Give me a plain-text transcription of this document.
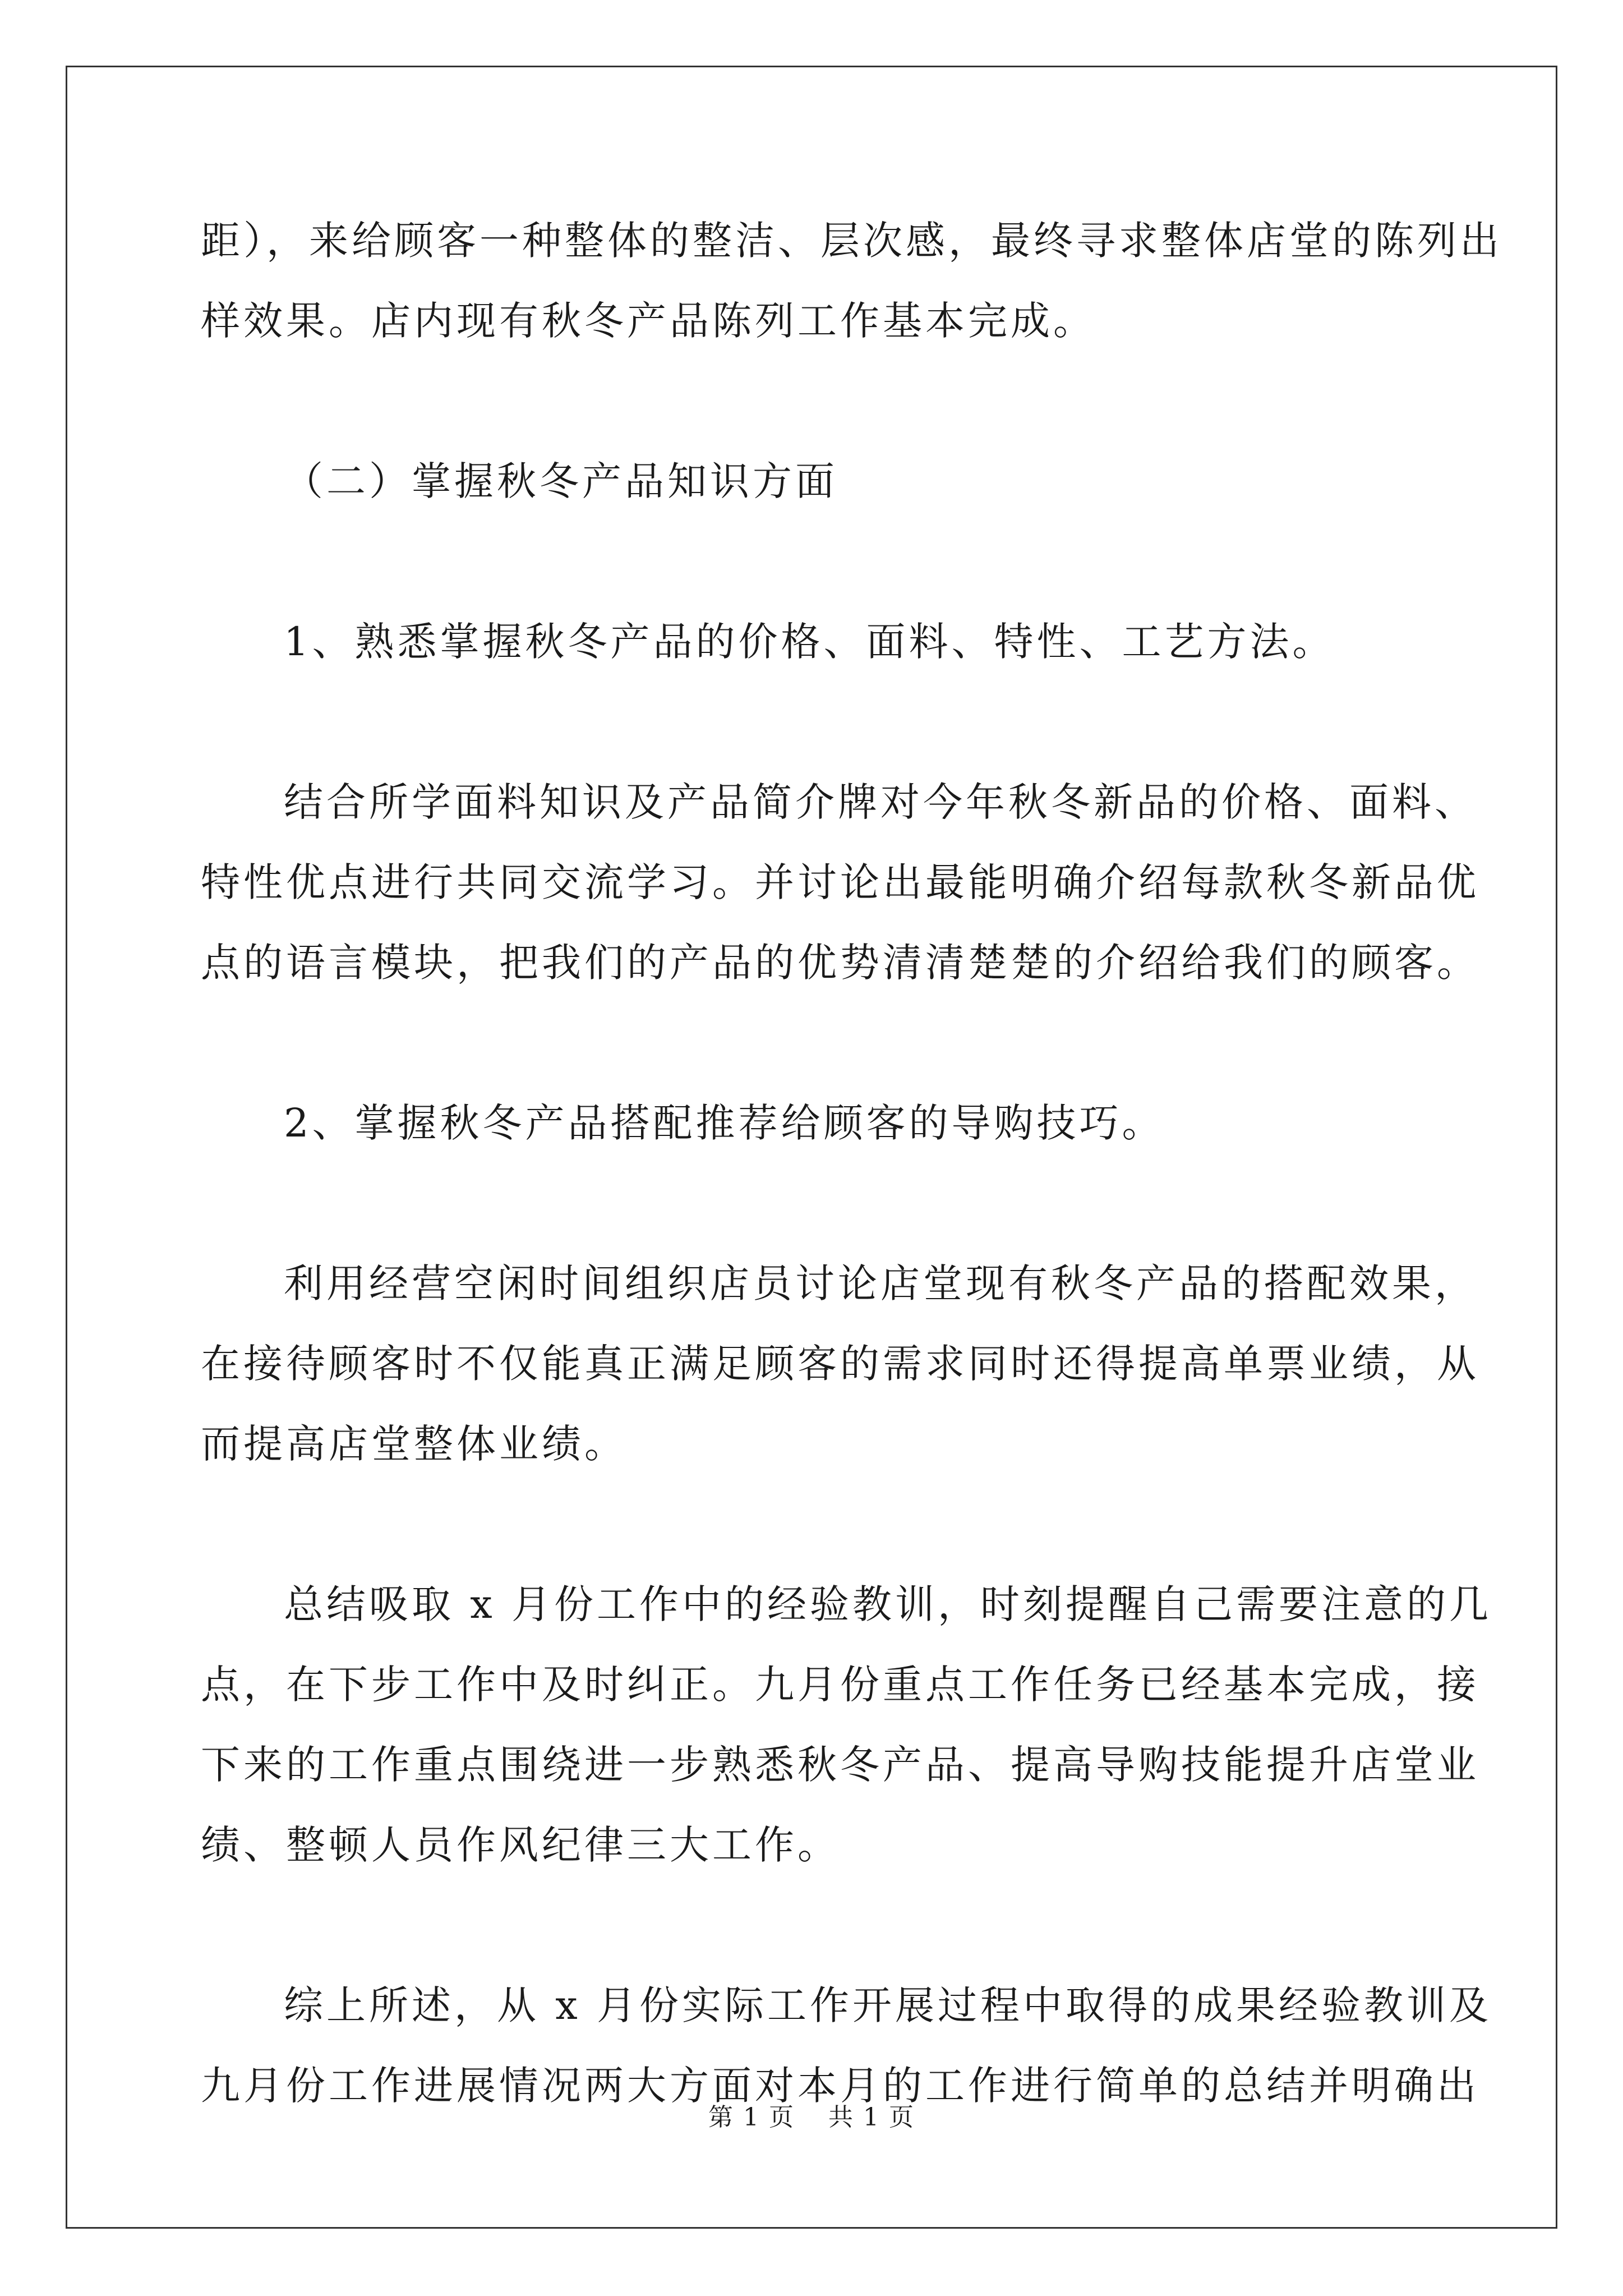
距），来给顾客一种整体的整洁、层次感，最终寻求整体店堂的陈列出
样效果。店内现有秋冬产品陈列工作基本完成。
（二）掌握秋冬产品知识方面
1、熟悉掌握秋冬产品的价格、面料、特性、工艺方法。
结合所学面料知识及产品简介牌对今年秋冬新品的价格、面料、
特性优点进行共同交流学习。并讨论出最能明确介绍每款秋冬新品优
点的语言模块，把我们的产品的优势清清楚楚的介绍给我们的顾客。
2、掌握秋冬产品搭配推荐给顾客的导购技巧。
利用经营空闲时间组织店员讨论店堂现有秋冬产品的搭配效果，
在接待顾客时不仅能真正满足顾客的需求同时还得提高单票业绩，从
而提高店堂整体业绩。
总结吸取 x 月份工作中的经验教训，时刻提醒自己需要注意的几
点，在下步工作中及时纠正。九月份重点工作任务已经基本完成，接
下来的工作重点围绕进一步熟悉秋冬产品、提高导购技能提升店堂业
绩、整顿人员作风纪律三大工作。
综上所述，从 x 月份实际工作开展过程中取得的成果经验教训及
九月份工作进展情况两大方面对本月的工作进行简单的总结并明确出
第 1 页 共 1 页
